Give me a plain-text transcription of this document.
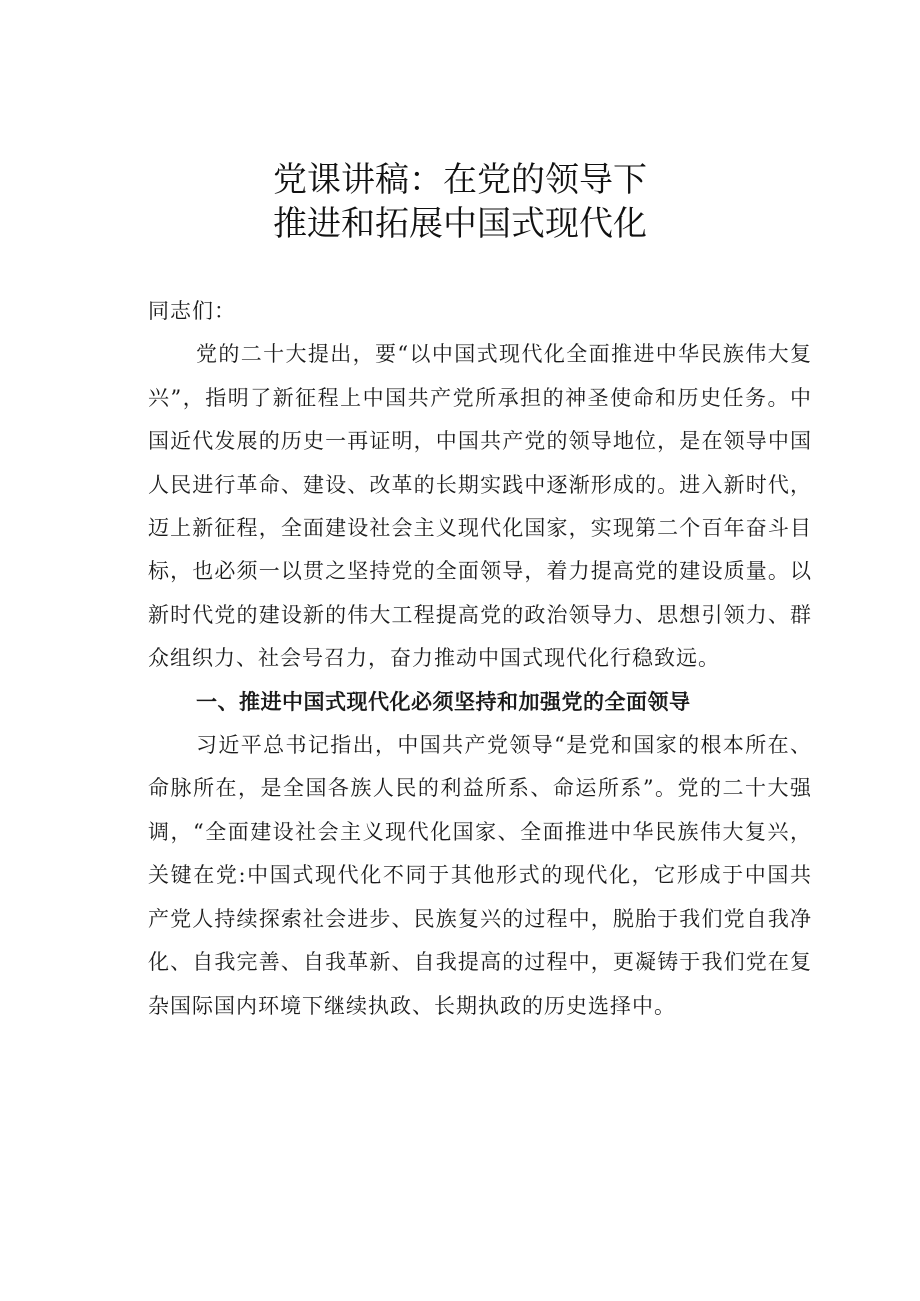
党课讲稿：在党的领导下
推进和拓展中国式现代化

同志们：

党的二十大提出，要“以中国式现代化全面推进中华民族伟大复兴”，指明了新征程上中国共产党所承担的神圣使命和历史任务。中国近代发展的历史一再证明，中国共产党的领导地位，是在领导中国人民进行革命、建设、改革的长期实践中逐渐形成的。进入新时代，迈上新征程，全面建设社会主义现代化国家，实现第二个百年奋斗目标，也必须一以贯之坚持党的全面领导，着力提高党的建设质量。以新时代党的建设新的伟大工程提高党的政治领导力、思想引领力、群众组织力、社会号召力，奋力推动中国式现代化行稳致远。

一、推进中国式现代化必须坚持和加强党的全面领导

习近平总书记指出，中国共产党领导“是党和国家的根本所在、命脉所在，是全国各族人民的利益所系、命运所系”。党的二十大强调，“全面建设社会主义现代化国家、全面推进中华民族伟大复兴，关键在党:中国式现代化不同于其他形式的现代化，它形成于中国共产党人持续探索社会进步、民族复兴的过程中，脱胎于我们党自我净化、自我完善、自我革新、自我提高的过程中，更凝铸于我们党在复杂国际国内环境下继续执政、长期执政的历史选择中。
